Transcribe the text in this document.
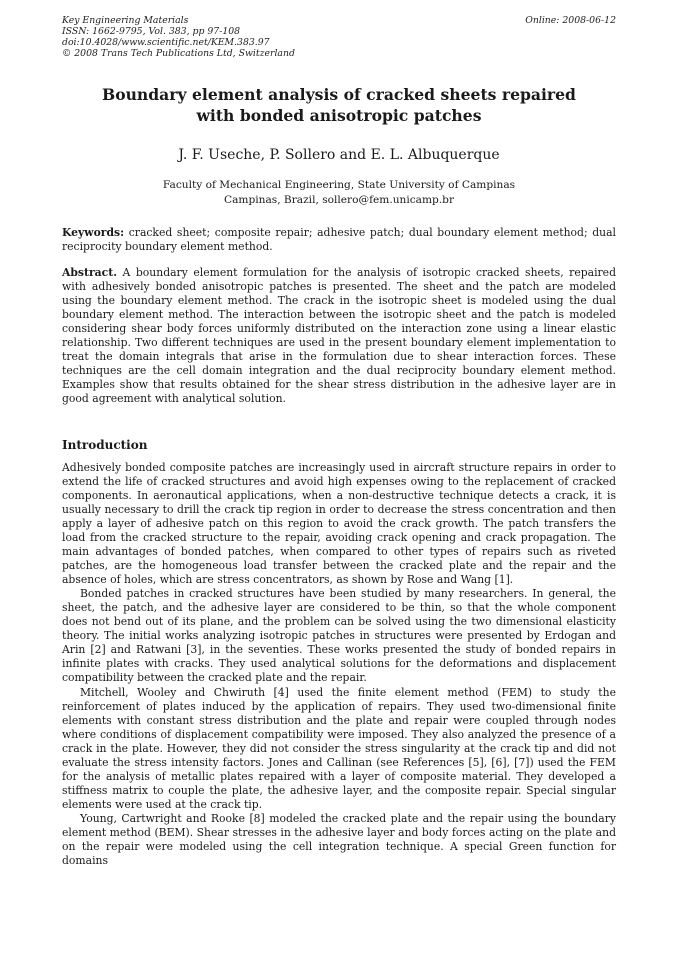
Key Engineering Materials
ISSN: 1662-9795, Vol. 383, pp 97-108
doi:10.4028/www.scientific.net/KEM.383.97
© 2008 Trans Tech Publications Ltd, Switzerland
Online: 2008-06-12
Boundary element analysis of cracked sheets repaired
with bonded anisotropic patches
J. F. Useche, P. Sollero and E. L. Albuquerque
Faculty of Mechanical Engineering, State University of Campinas
Campinas, Brazil, sollero@fem.unicamp.br
Keywords: cracked sheet; composite repair; adhesive patch; dual boundary element method; dual reciprocity boundary element method.
Abstract. A boundary element formulation for the analysis of isotropic cracked sheets, repaired with adhesively bonded anisotropic patches is presented. The sheet and the patch are modeled using the boundary element method. The crack in the isotropic sheet is modeled using the dual boundary element method. The interaction between the isotropic sheet and the patch is modeled considering shear body forces uniformly distributed on the interaction zone using a linear elastic relationship. Two different techniques are used in the present boundary element implementation to treat the domain integrals that arise in the formulation due to shear interaction forces. These techniques are the cell domain integration and the dual reciprocity boundary element method. Examples show that results obtained for the shear stress distribution in the adhesive layer are in good agreement with analytical solution.
Introduction

Adhesively bonded composite patches are increasingly used in aircraft structure repairs in order to extend the life of cracked structures and avoid high expenses owing to the replacement of cracked components. In aeronautical applications, when a non-destructive technique detects a crack, it is usually necessary to drill the crack tip region in order to decrease the stress concentration and then apply a layer of adhesive patch on this region to avoid the crack growth. The patch transfers the load from the cracked structure to the repair, avoiding crack opening and crack propagation. The main advantages of bonded patches, when compared to other types of repairs such as riveted patches, are the homogeneous load transfer between the cracked plate and the repair and the absence of holes, which are stress concentrators, as shown by Rose and Wang [1].

Bonded patches in cracked structures have been studied by many researchers. In general, the sheet, the patch, and the adhesive layer are considered to be thin, so that the whole component does not bend out of its plane, and the problem can be solved using the two dimensional elasticity theory. The initial works analyzing isotropic patches in structures were presented by Erdogan and Arin [2] and Ratwani [3], in the seventies. These works presented the study of bonded repairs in infinite plates with cracks. They used analytical solutions for the deformations and displacement compatibility between the cracked plate and the repair.

Mitchell, Wooley and Chwiruth [4] used the finite element method (FEM) to study the reinforcement of plates induced by the application of repairs. They used two-dimensional finite elements with constant stress distribution and the plate and repair were coupled through nodes where conditions of displacement compatibility were imposed. They also analyzed the presence of a crack in the plate. However, they did not consider the stress singularity at the crack tip and did not evaluate the stress intensity factors. Jones and Callinan (see References [5], [6], [7]) used the FEM for the analysis of metallic plates repaired with a layer of composite material. They developed a stiffness matrix to couple the plate, the adhesive layer, and the composite repair. Special singular elements were used at the crack tip.

Young, Cartwright and Rooke [8] modeled the cracked plate and the repair using the boundary element method (BEM). Shear stresses in the adhesive layer and body forces acting on the plate and on the repair were modeled using the cell integration technique. A special Green function for domains
